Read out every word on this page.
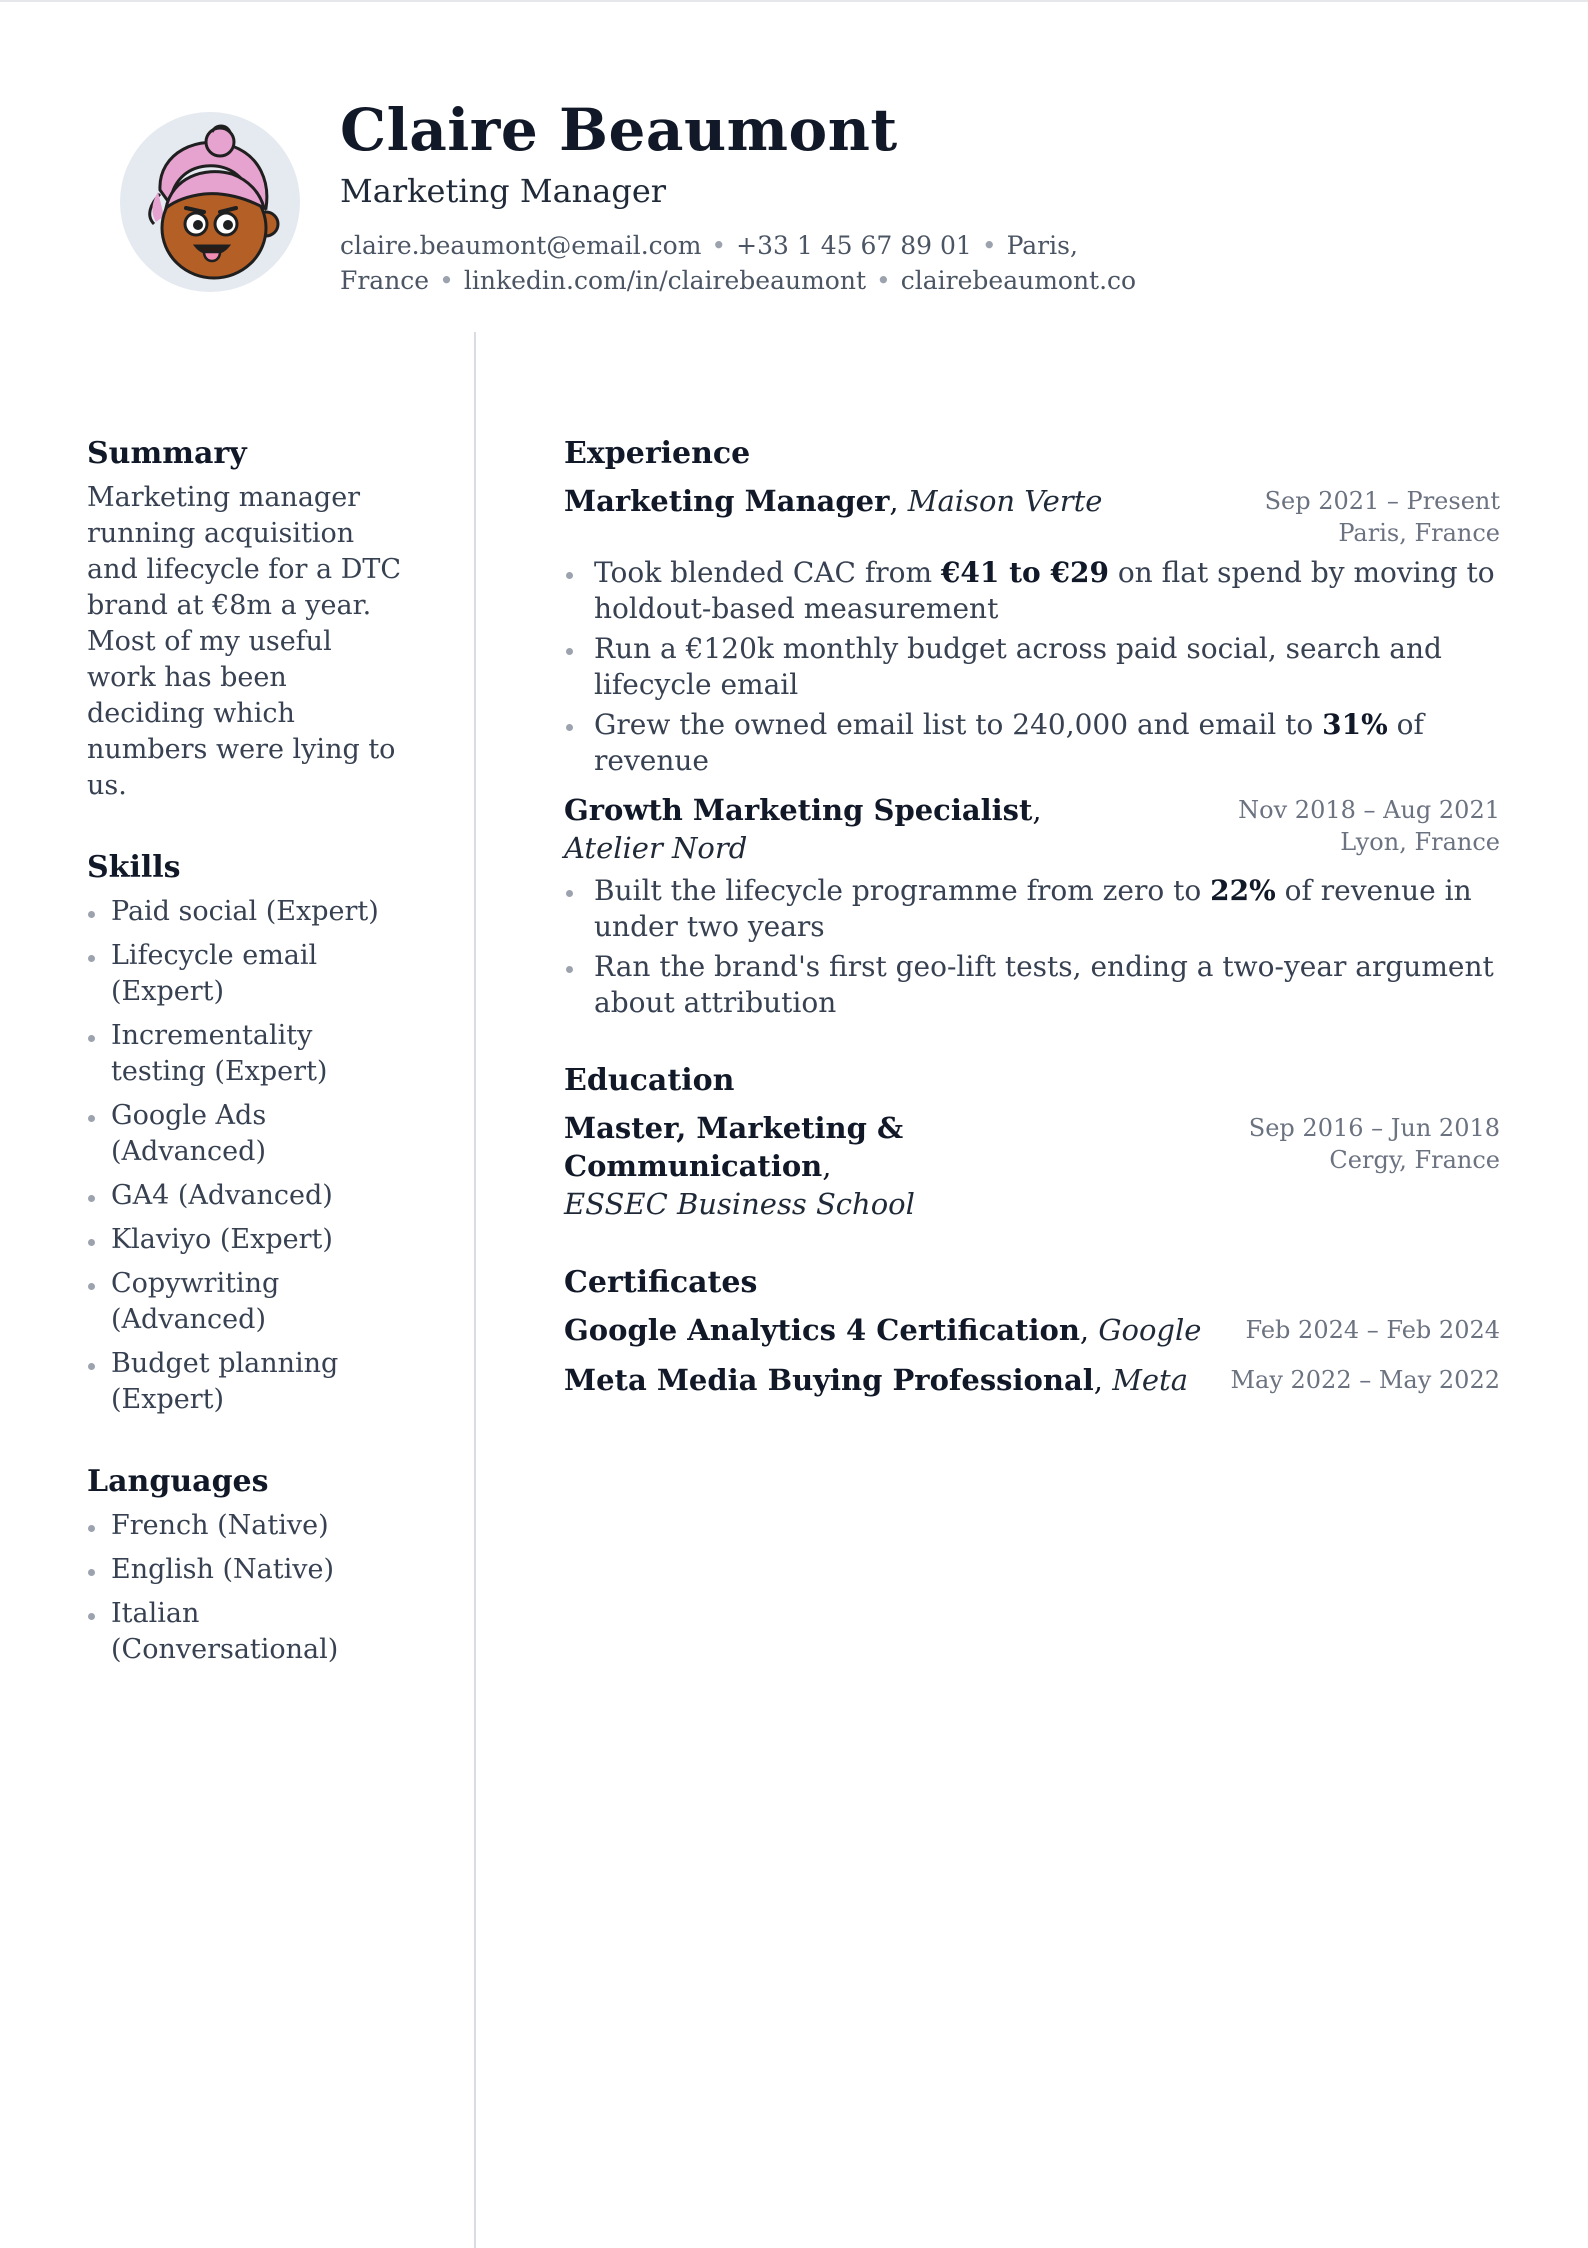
Claire Beaumont
Marketing Manager
claire.beaumont@email.com • +33 1 45 67 89 01 • Paris, France • linkedin.com/in/clairebeaumont • clairebeaumont.co
Summary

Marketing manager running acquisition and lifecycle for a DTC brand at €8m a year. Most of my useful work has been deciding which numbers were lying to us.

Skills
Paid social (Expert)
Lifecycle email (Expert)
Incrementality testing (Expert)
Google Ads (Advanced)
GA4 (Advanced)
Klaviyo (Expert)
Copywriting (Advanced)
Budget planning (Expert)
Languages
French (Native)
English (Native)
Italian (Conversational)
Experience
Marketing Manager, Maison Verte	Sep 2021 – Present
Paris, France
Took blended CAC from €41 to €29 on flat spend by moving to holdout-based measurement
Run a €120k monthly budget across paid social, search and lifecycle email
Grew the owned email list to 240,000 and email to 31% of revenue
Growth Marketing Specialist, Atelier Nord
Nov 2018 – Aug 2021
Lyon, France
Built the lifecycle programme from zero to 22% of revenue in under two years
Ran the brand's first geo-lift tests, ending a two-year argument about attribution
Education
Master, Marketing & Communication,
ESSEC Business School
Sep 2016 – Jun 2018
Cergy, France
Certificates
Google Analytics 4 Certification, Google Feb 2024 – Feb 2024
Meta Media Buying Professional, Meta May 2022 – May 2022
